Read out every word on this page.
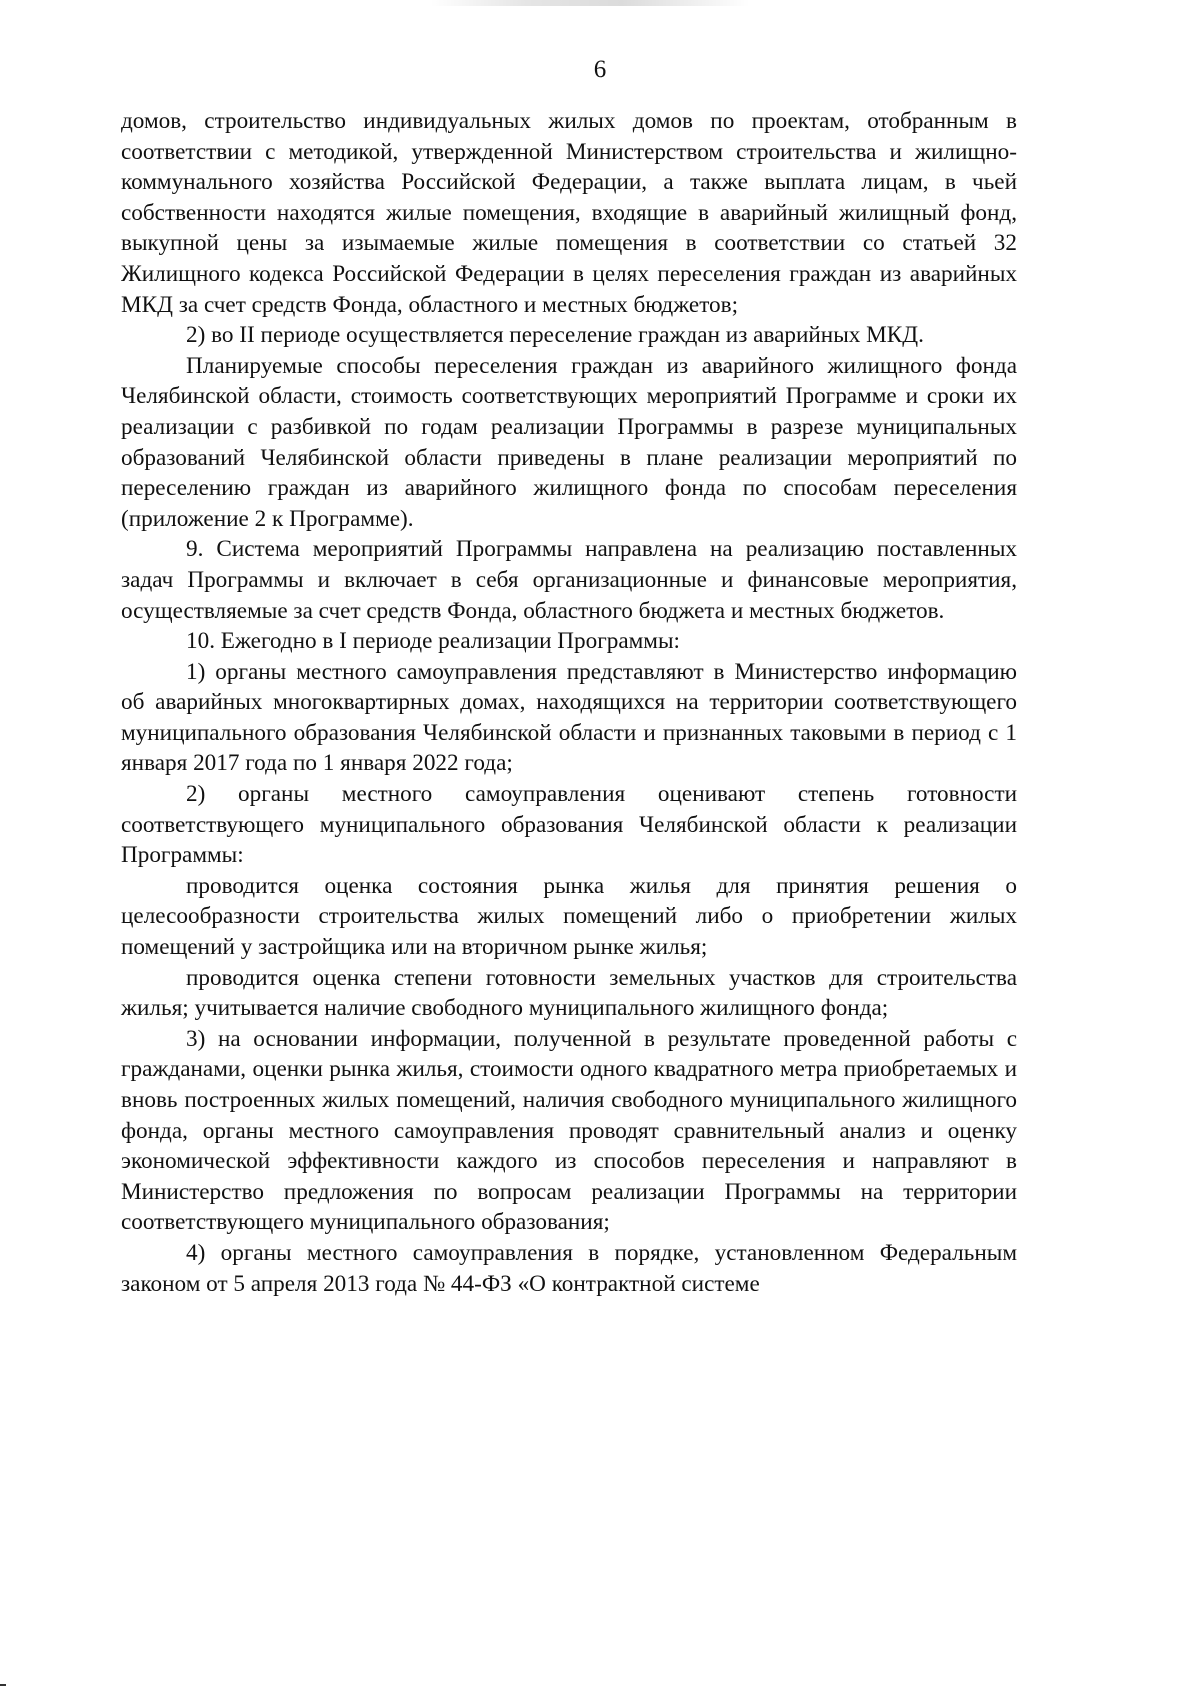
6

домов, строительство индивидуальных жилых домов по проектам, отобранным в соответствии с методикой, утвержденной Министерством строительства и жилищно-коммунального хозяйства Российской Федерации, а также выплата лицам, в чьей собственности находятся жилые помещения, входящие в аварийный жилищный фонд, выкупной цены за изымаемые жилые помещения в соответствии со статьей 32 Жилищного кодекса Российской Федерации в целях переселения граждан из аварийных МКД за счет средств Фонда, областного и местных бюджетов;

2) во II периоде осуществляется переселение граждан из аварийных МКД.

Планируемые способы переселения граждан из аварийного жилищного фонда Челябинской области, стоимость соответствующих мероприятий Программе и сроки их реализации с разбивкой по годам реализации Программы в разрезе муниципальных образований Челябинской области приведены в плане реализации мероприятий по переселению граждан из аварийного жилищного фонда по способам переселения (приложение 2 к Программе).

9. Система мероприятий Программы направлена на реализацию поставленных задач Программы и включает в себя организационные и финансовые мероприятия, осуществляемые за счет средств Фонда, областного бюджета и местных бюджетов.

10. Ежегодно в I периоде реализации Программы:

1) органы местного самоуправления представляют в Министерство информацию об аварийных многоквартирных домах, находящихся на территории соответствующего муниципального образования Челябинской области и признанных таковыми в период с 1 января 2017 года по 1 января 2022 года;

2) органы местного самоуправления оценивают степень готовности соответствующего муниципального образования Челябинской области к реализации Программы:

проводится оценка состояния рынка жилья для принятия решения о целесообразности строительства жилых помещений либо о приобретении жилых помещений у застройщика или на вторичном рынке жилья;

проводится оценка степени готовности земельных участков для строительства жилья; учитывается наличие свободного муниципального жилищного фонда;

3) на основании информации, полученной в результате проведенной работы с гражданами, оценки рынка жилья, стоимости одного квадратного метра приобретаемых и вновь построенных жилых помещений, наличия свободного муниципального жилищного фонда, органы местного самоуправления проводят сравнительный анализ и оценку экономической эффективности каждого из способов переселения и направляют в Министерство предложения по вопросам реализации Программы на территории соответствующего муниципального образования;

4) органы местного самоуправления в порядке, установленном Федеральным законом от 5 апреля 2013 года № 44-ФЗ «О контрактной системе
